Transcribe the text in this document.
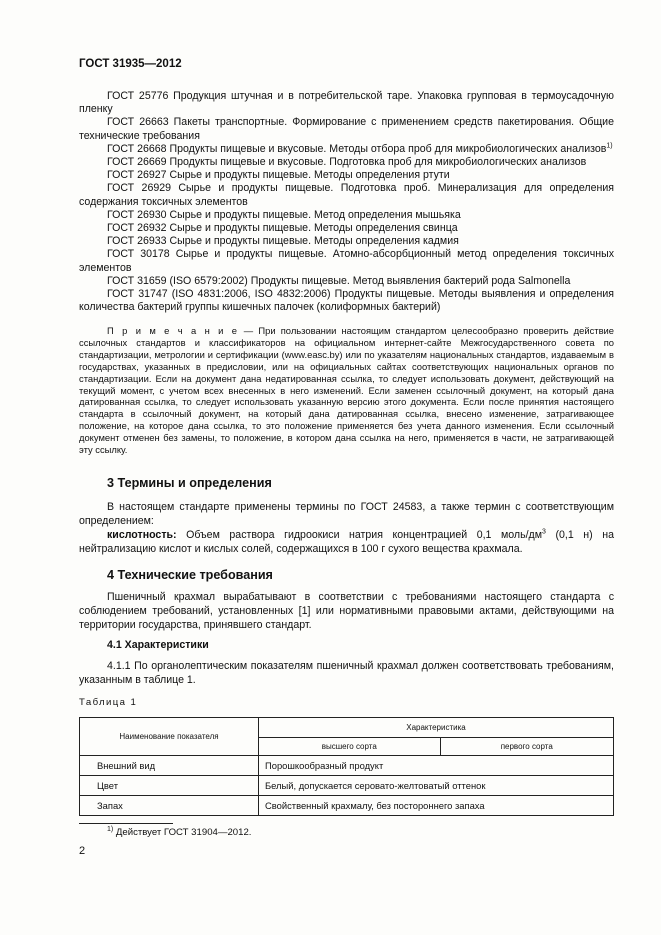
ГОСТ 31935—2012

ГОСТ 25776 Продукция штучная и в потребительской таре. Упаковка групповая в термоусадочную пленку

ГОСТ 26663 Пакеты транспортные. Формирование с применением средств пакетирования. Общие технические требования

ГОСТ 26668 Продукты пищевые и вкусовые. Методы отбора проб для микробиологических анализов$^{1)}$

ГОСТ 26669 Продукты пищевые и вкусовые. Подготовка проб для микробиологических анализов

ГОСТ 26927 Сырье и продукты пищевые. Методы определения ртути

ГОСТ 26929 Сырье и продукты пищевые. Подготовка проб. Минерализация для определения содержания токсичных элементов

ГОСТ 26930 Сырье и продукты пищевые. Метод определения мышьяка

ГОСТ 26932 Сырье и продукты пищевые. Методы определения свинца

ГОСТ 26933 Сырье и продукты пищевые. Методы определения кадмия

ГОСТ 30178 Сырье и продукты пищевые. Атомно-абсорбционный метод определения токсичных элементов

ГОСТ 31659 (ISO 6579:2002) Продукты пищевые. Метод выявления бактерий рода Salmonella

ГОСТ 31747 (ISO 4831:2006, ISO 4832:2006) Продукты пищевые. Методы выявления и определения количества бактерий группы кишечных палочек (колиформных бактерий)

П р и м е ч а н и е — При пользовании настоящим стандартом целесообразно проверить действие ссылочных стандартов и классификаторов на официальном интернет-сайте Межгосударственного совета по стандартизации, метрологии и сертификации (www.easc.by) или по указателям национальных стандартов, издаваемым в государствах, указанных в предисловии, или на официальных сайтах соответствующих национальных органов по стандартизации. Если на документ дана недатированная ссылка, то следует использовать документ, действующий на текущий момент, с учетом всех внесенных в него изменений. Если заменен ссылочный документ, на который дана датированная ссылка, то следует использовать указанную версию этого документа. Если после принятия настоящего стандарта в ссылочный документ, на который дана датированная ссылка, внесено изменение, затрагивающее положение, на которое дана ссылка, то это положение применяется без учета данного изменения. Если ссылочный документ отменен без замены, то положение, в котором дана ссылка на него, применяется в части, не затрагивающей эту ссылку.

3 Термины и определения

В настоящем стандарте применены термины по ГОСТ 24583, а также термин с соответствующим определением:

кислотность: Объем раствора гидроокиси натрия концентрацией 0,1 моль/$дм^3$ (0,1 н) на нейтрализацию кислот и кислых солей, содержащихся в 100 г сухого вещества крахмала.

4 Технические требования

Пшеничный крахмал вырабатывают в соответствии с требованиями настоящего стандарта с соблюдением требований, установленных [1] или нормативными правовыми актами, действующими на территории государства, принявшего стандарт.

4.1 Характеристики

4.1.1 По органолептическим показателям пшеничный крахмал должен соответствовать требованиям, указанным в таблице 1.

Таблица 1

Наименование показателя	Характеристика	
	высшего сорта	первого сорта
Внешний вид	Порошкообразный продукт	
Цвет	Белый, допускается серовато-желтоватый оттенок	
Запах	Свойственный крахмалу, без постороннего запаха	

$^{1)}$ Действует ГОСТ 31904—2012.

2
